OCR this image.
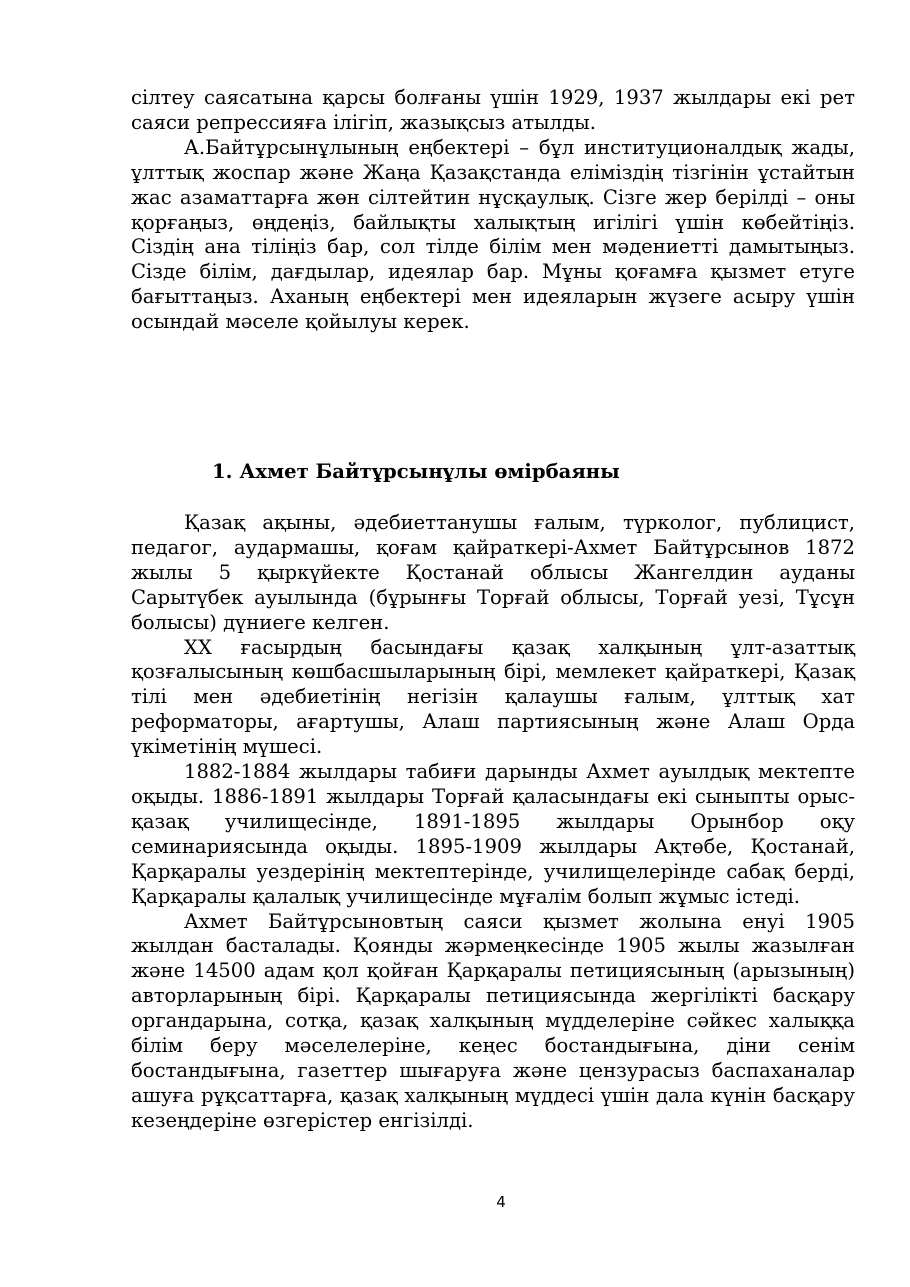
сілтеу саясатына қарсы болғаны үшін 1929, 1937 жылдары екі рет саяси репрессияға ілігіп, жазықсыз атылды.

А.Байтұрсынұлының еңбектері – бұл институционалдық жады, ұлттық жоспар және Жаңа Қазақстанда еліміздің тізгінін ұстайтын жас азаматтарға жөн сілтейтин нұсқаулық. Сізге жер берілді – оны қорғаңыз, өңдеңіз, байлықты халықтың игілігі үшін көбейтіңіз. Сіздің ана тіліңіз бар, сол тілде білім мен мәдениетті дамытыңыз. Сізде білім, дағдылар, идеялар бар. Мұны қоғамға қызмет етуге бағыттаңыз. Аханың еңбектері мен идеяларын жүзеге асыру үшін осындай мәселе қойылуы керек.

1. Ахмет Байтұрсынұлы өмірбаяны

Қазақ ақыны, әдебиеттанушы ғалым, түрколог, публицист, педагог, аудармашы, қоғам қайраткері-Ахмет Байтұрсынов 1872 жылы 5 қыркүйекте Қостанай облысы Жангелдин ауданы Сарытүбек ауылында (бұрынғы Торғай облысы, Торғай уезі, Тұсұн болысы) дүниеге келген.

XX ғасырдың басындағы қазақ халқының ұлт-азаттық қозғалысының көшбасшыларының бірі, мемлекет қайраткері, Қазақ тілі мен әдебиетінің негізін қалаушы ғалым, ұлттық хат реформаторы, ағартушы, Алаш партиясының және Алаш Орда үкіметінің мүшесі.

1882-1884 жылдары табиғи дарынды Ахмет ауылдық мектепте оқыды. 1886-1891 жылдары Торғай қаласындағы екі сыныпты орыс-қазақ училищесінде, 1891-1895 жылдары Орынбор оқу семинариясында оқыды. 1895-1909 жылдары Ақтөбе, Қостанай, Қарқаралы уездерінің мектептерінде, училищелерінде сабақ берді, Қарқаралы қалалық училищесінде мұғалім болып жұмыс істеді.

Ахмет Байтұрсыновтың саяси қызмет жолына енуі 1905 жылдан басталады. Қоянды жәрмеңкесінде 1905 жылы жазылған және 14500 адам қол қойған Қарқаралы петициясының (арызының) авторларының бірі. Қарқаралы петициясында жергілікті басқару органдарына, сотқа, қазақ халқының мүдделеріне сәйкес халыққа білім беру мәселелеріне, кеңес бостандығына, діни сенім бостандығына, газеттер шығаруға және цензурасыз баспаханалар ашуға рұқсаттарға, қазақ халқының мүддесі үшін дала күнін басқару кезеңдеріне өзгерістер енгізілді.

4
